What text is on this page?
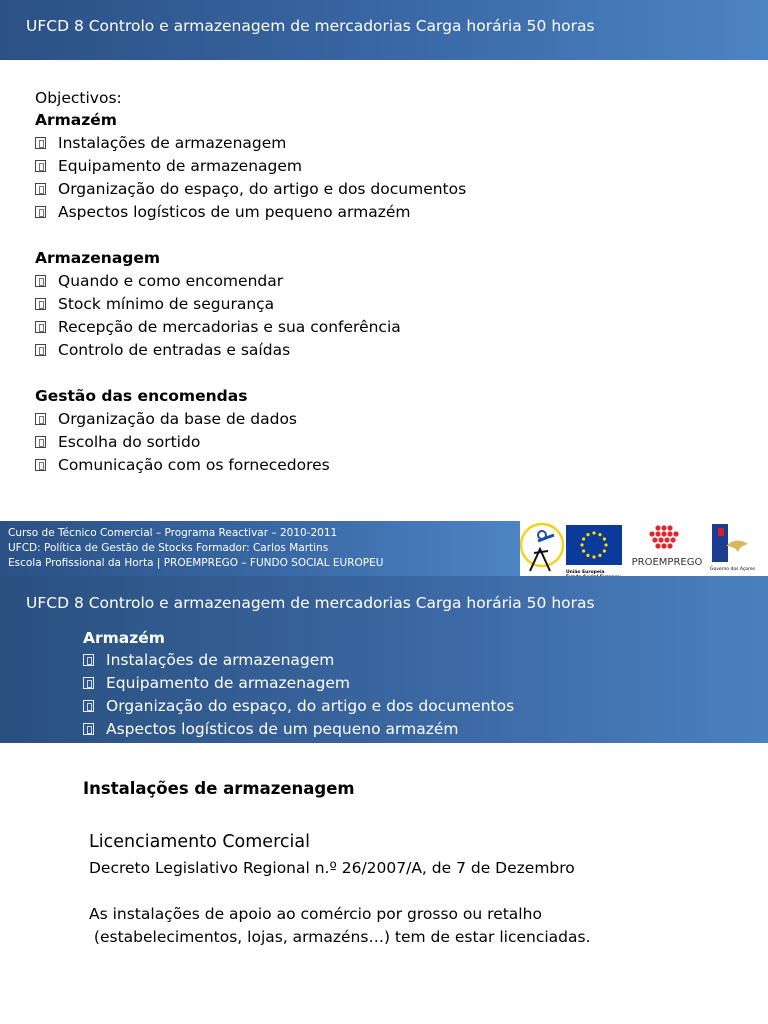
UFCD 8 Controlo e armazenagem de mercadorias Carga horária 50 horas
Objectivos:
Armazém
Instalações de armazenagem
Equipamento de armazenagem
Organização do espaço, do artigo e dos documentos
Aspectos logísticos de um pequeno armazém
Armazenagem
Quando e como encomendar
Stock mínimo de segurança
Recepção de mercadorias e sua conferência
Controlo de entradas e saídas
Gestão das encomendas
Organização da base de dados
Escolha do sortido
Comunicação com os fornecedores
Curso de Técnico Comercial – Programa Reactivar – 2010-2011
UFCD: Política de Gestão de Stocks Formador: Carlos Martins
Escola Profissional da Horta | PROEMPREGO – FUNDO SOCIAL EUROPEU
União Europeia
PROEMPREGO
Governo dos Açores
UFCD 8 Controlo e armazenagem de mercadorias Carga horária 50 horas
Armazém
Instalações de armazenagem
Equipamento de armazenagem
Organização do espaço, do artigo e dos documentos
Aspectos logísticos de um pequeno armazém
Instalações de armazenagem
Licenciamento Comercial
Decreto Legislativo Regional n.º 26/2007/A, de 7 de Dezembro
As instalações de apoio ao comércio por grosso ou retalho
(estabelecimentos, lojas, armazéns…) tem de estar licenciadas.
